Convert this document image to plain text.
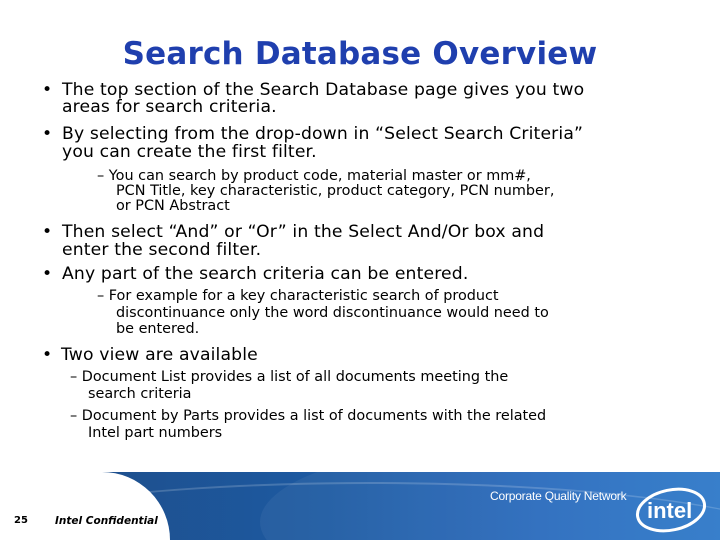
Search Database Overview
• The top section of the Search Database page gives you two
areas for search criteria.
• By selecting from the drop-down in “Select Search Criteria”
you can create the first filter.
– You can search by product code, material master or mm#,
PCN Title, key characteristic, product category, PCN number,
or PCN Abstract
• Then select “And” or “Or” in the Select And/Or box and
enter the second filter.
• Any part of the search criteria can be entered.
– For example for a key characteristic search of product
discontinuance only the word discontinuance would need to
be entered.
• Two view are available
– Document List provides a list of all documents meeting the
search criteria
– Document by Parts provides a list of documents with the related
Intel part numbers
25	Intel Confidential
Corporate Quality Network
intel
